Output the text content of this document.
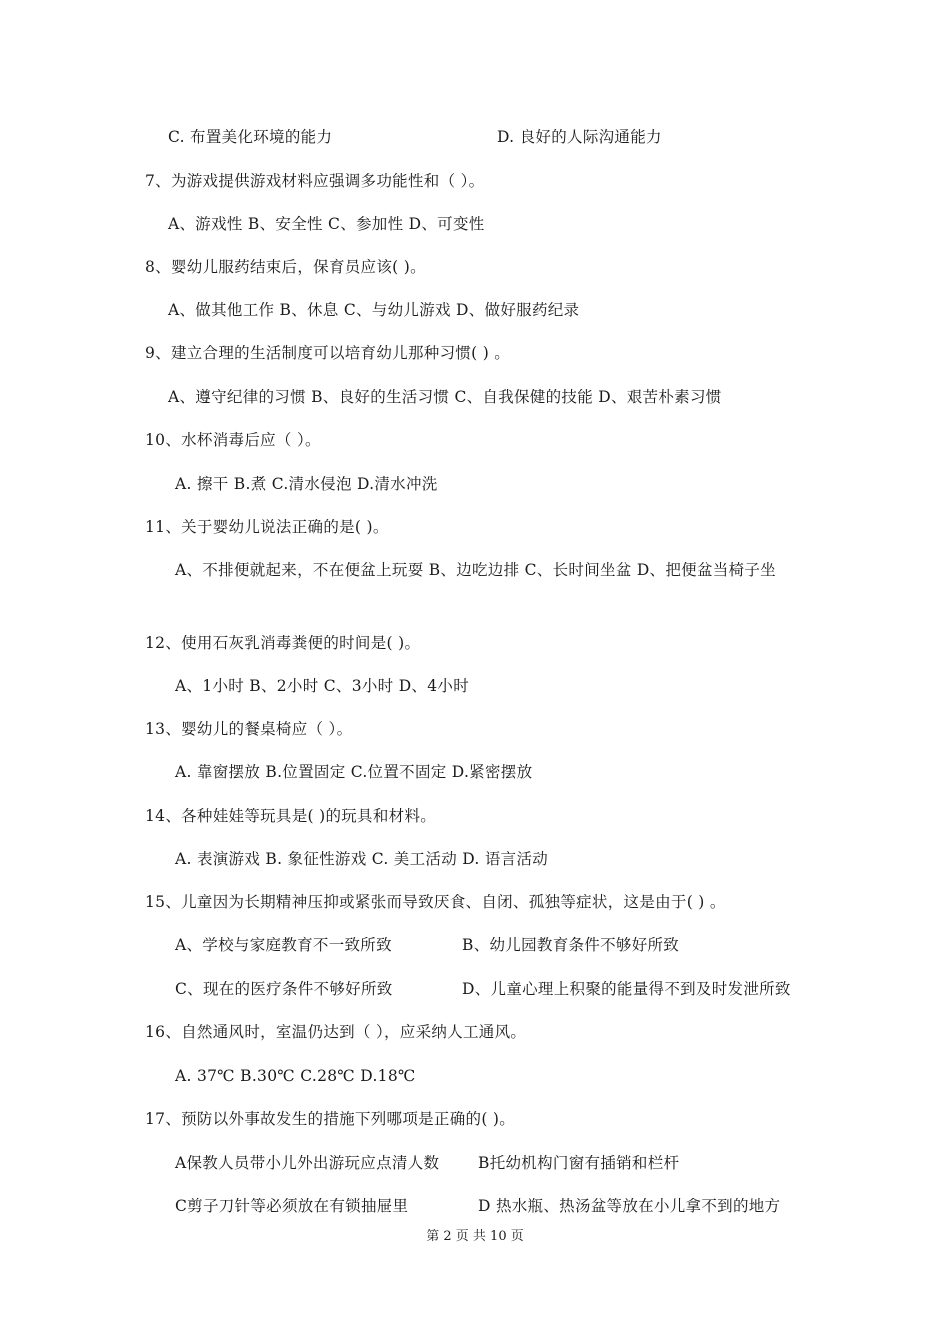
C. 布置美化环境的能力	D. 良好的人际沟通能力
7、为游戏提供游戏材料应强调多功能性和（ ）。
A、游戏性 B、安全性 C、参加性 D、可变性
8、婴幼儿服药结束后，保育员应该( )。
A、做其他工作 B、休息 C、与幼儿游戏 D、做好服药纪录
9、建立合理的生活制度可以培育幼儿那种习惯( ) 。
A、遵守纪律的习惯 B、良好的生活习惯 C、自我保健的技能 D、艰苦朴素习惯
10、水杯消毒后应（ ）。
A. 擦干 B.煮 C.清水侵泡 D.清水冲洗
11、关于婴幼儿说法正确的是( )。
A、不排便就起来，不在便盆上玩耍 B、边吃边排 C、长时间坐盆 D、把便盆当椅子坐
12、使用石灰乳消毒粪便的时间是( )。
A、1小时 B、2小时 C、3小时 D、4小时
13、婴幼儿的餐桌椅应（ ）。
A. 靠窗摆放 B.位置固定 C.位置不固定 D.紧密摆放
14、各种娃娃等玩具是( )的玩具和材料。
A. 表演游戏 B. 象征性游戏 C. 美工活动 D. 语言活动
15、儿童因为长期精神压抑或紧张而导致厌食、自闭、孤独等症状，这是由于( ) 。
A、学校与家庭教育不一致所致	B、幼儿园教育条件不够好所致
C、现在的医疗条件不够好所致	D、儿童心理上积聚的能量得不到及时发泄所致
16、自然通风时，室温仍达到（ ），应采纳人工通风。
A. 37℃ B.30℃ C.28℃ D.18℃
17、预防以外事故发生的措施下列哪项是正确的( )。
A保教人员带小儿外出游玩应点清人数 B托幼机构门窗有插销和栏杆
C剪子刀针等必须放在有锁抽屉里	D 热水瓶、热汤盆等放在小儿拿不到的地方
第 2 页 共 10 页
